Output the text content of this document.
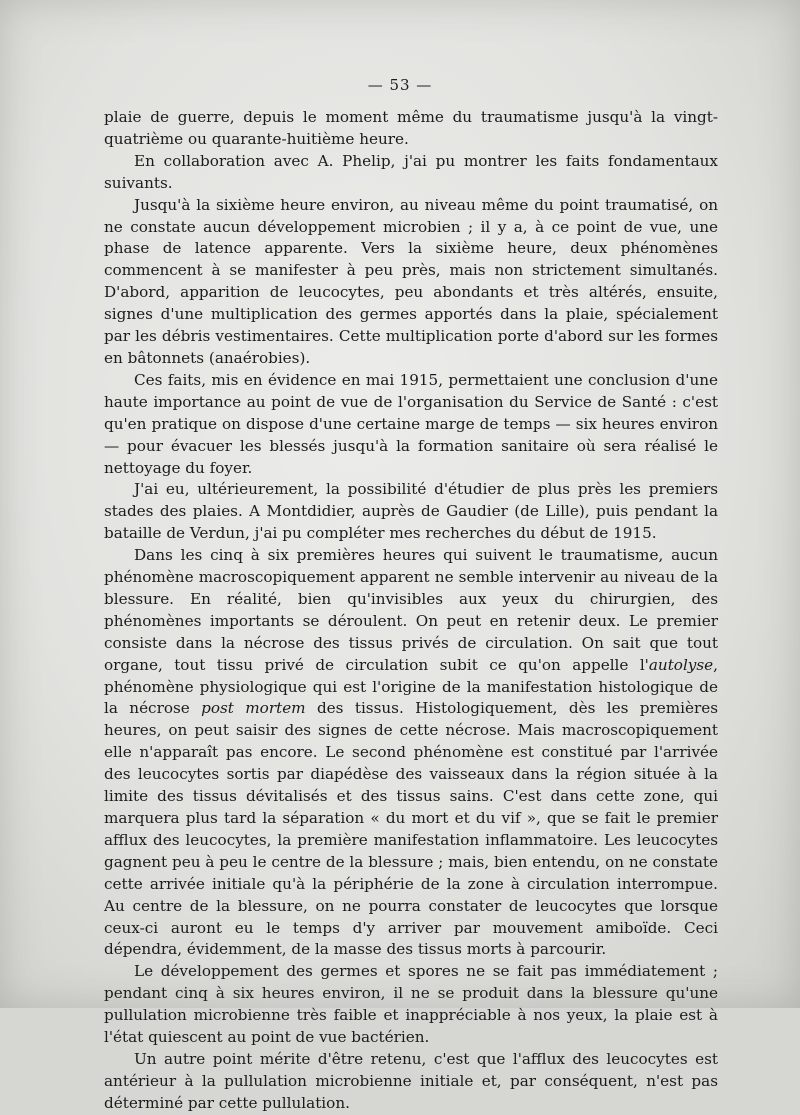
— 53 —

plaie de guerre, depuis le moment même du traumatisme jusqu'à la vingt-quatrième ou quarante-huitième heure.

En collaboration avec A. Phelip, j'ai pu montrer les faits fondamentaux suivants.

Jusqu'à la sixième heure environ, au niveau même du point traumatisé, on ne constate aucun développement microbien ; il y a, à ce point de vue, une phase de latence apparente. Vers la sixième heure, deux phénomènes commencent à se manifester à peu près, mais non strictement simultanés. D'abord, apparition de leucocytes, peu abondants et très altérés, ensuite, signes d'une multiplication des germes apportés dans la plaie, spécialement par les débris vestimentaires. Cette multiplication porte d'abord sur les formes en bâtonnets (anaérobies).

Ces faits, mis en évidence en mai 1915, permettaient une conclusion d'une haute importance au point de vue de l'organisation du Service de Santé : c'est qu'en pratique on dispose d'une certaine marge de temps — six heures environ — pour évacuer les blessés jusqu'à la formation sanitaire où sera réalisé le nettoyage du foyer.

J'ai eu, ultérieurement, la possibilité d'étudier de plus près les premiers stades des plaies. A Montdidier, auprès de Gaudier (de Lille), puis pendant la bataille de Verdun, j'ai pu compléter mes recherches du début de 1915.

Dans les cinq à six premières heures qui suivent le traumatisme, aucun phénomène macroscopiquement apparent ne semble intervenir au niveau de la blessure. En réalité, bien qu'invisibles aux yeux du chirurgien, des phénomènes importants se déroulent. On peut en retenir deux. Le premier consiste dans la nécrose des tissus privés de circulation. On sait que tout organe, tout tissu privé de circulation subit ce qu'on appelle l'autolyse, phénomène physiologique qui est l'origine de la manifestation histologique de la nécrose post mortem des tissus. Histologiquement, dès les premières heures, on peut saisir des signes de cette nécrose. Mais macroscopiquement elle n'apparaît pas encore. Le second phénomène est constitué par l'arrivée des leucocytes sortis par diapédèse des vaisseaux dans la région située à la limite des tissus dévitalisés et des tissus sains. C'est dans cette zone, qui marquera plus tard la séparation « du mort et du vif », que se fait le premier afflux des leucocytes, la première manifestation inflammatoire. Les leucocytes gagnent peu à peu le centre de la blessure ; mais, bien entendu, on ne constate cette arrivée initiale qu'à la périphérie de la zone à circulation interrompue. Au centre de la blessure, on ne pourra constater de leucocytes que lorsque ceux-ci auront eu le temps d'y arriver par mouvement amiboïde. Ceci dépendra, évidemment, de la masse des tissus morts à parcourir.

Le développement des germes et spores ne se fait pas immédiatement ; pendant cinq à six heures environ, il ne se produit dans la blessure qu'une pullulation microbienne très faible et inappréciable à nos yeux, la plaie est à l'état quiescent au point de vue bactérien.

Un autre point mérite d'être retenu, c'est que l'afflux des leucocytes est antérieur à la pullulation microbienne initiale et, par conséquent, n'est pas déterminé par cette pullulation.
